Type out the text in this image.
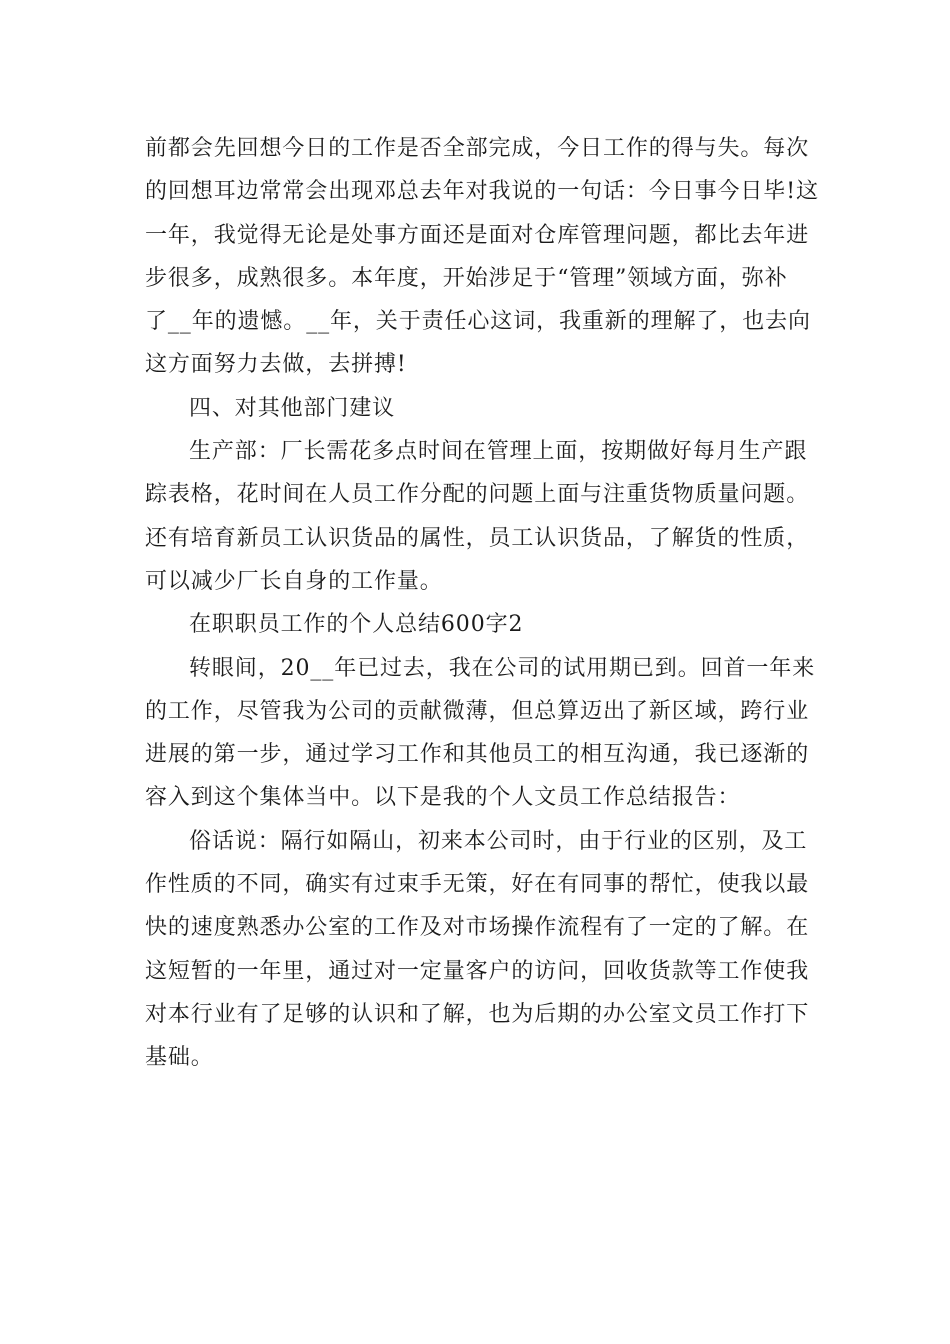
前都会先回想今日的工作是否全部完成，今日工作的得与失。每次
的回想耳边常常会出现邓总去年对我说的一句话：今日事今日毕!这
一年，我觉得无论是处事方面还是面对仓库管理问题，都比去年进
步很多，成熟很多。本年度，开始涉足于“管理”领域方面，弥补
了__年的遗憾。__年，关于责任心这词，我重新的理解了，也去向
这方面努力去做，去拼搏!
四、对其他部门建议
生产部：厂长需花多点时间在管理上面，按期做好每月生产跟
踪表格，花时间在人员工作分配的问题上面与注重货物质量问题。
还有培育新员工认识货品的属性，员工认识货品，了解货的性质，
可以减少厂长自身的工作量。
在职职员工作的个人总结600字2
转眼间，20__年已过去，我在公司的试用期已到。回首一年来
的工作，尽管我为公司的贡献微薄，但总算迈出了新区域，跨行业
进展的第一步，通过学习工作和其他员工的相互沟通，我已逐渐的
容入到这个集体当中。以下是我的个人文员工作总结报告：
俗话说：隔行如隔山，初来本公司时，由于行业的区别，及工
作性质的不同，确实有过束手无策，好在有同事的帮忙，使我以最
快的速度熟悉办公室的工作及对市场操作流程有了一定的了解。在
这短暂的一年里，通过对一定量客户的访问，回收货款等工作使我
对本行业有了足够的认识和了解，也为后期的办公室文员工作打下
基础。
